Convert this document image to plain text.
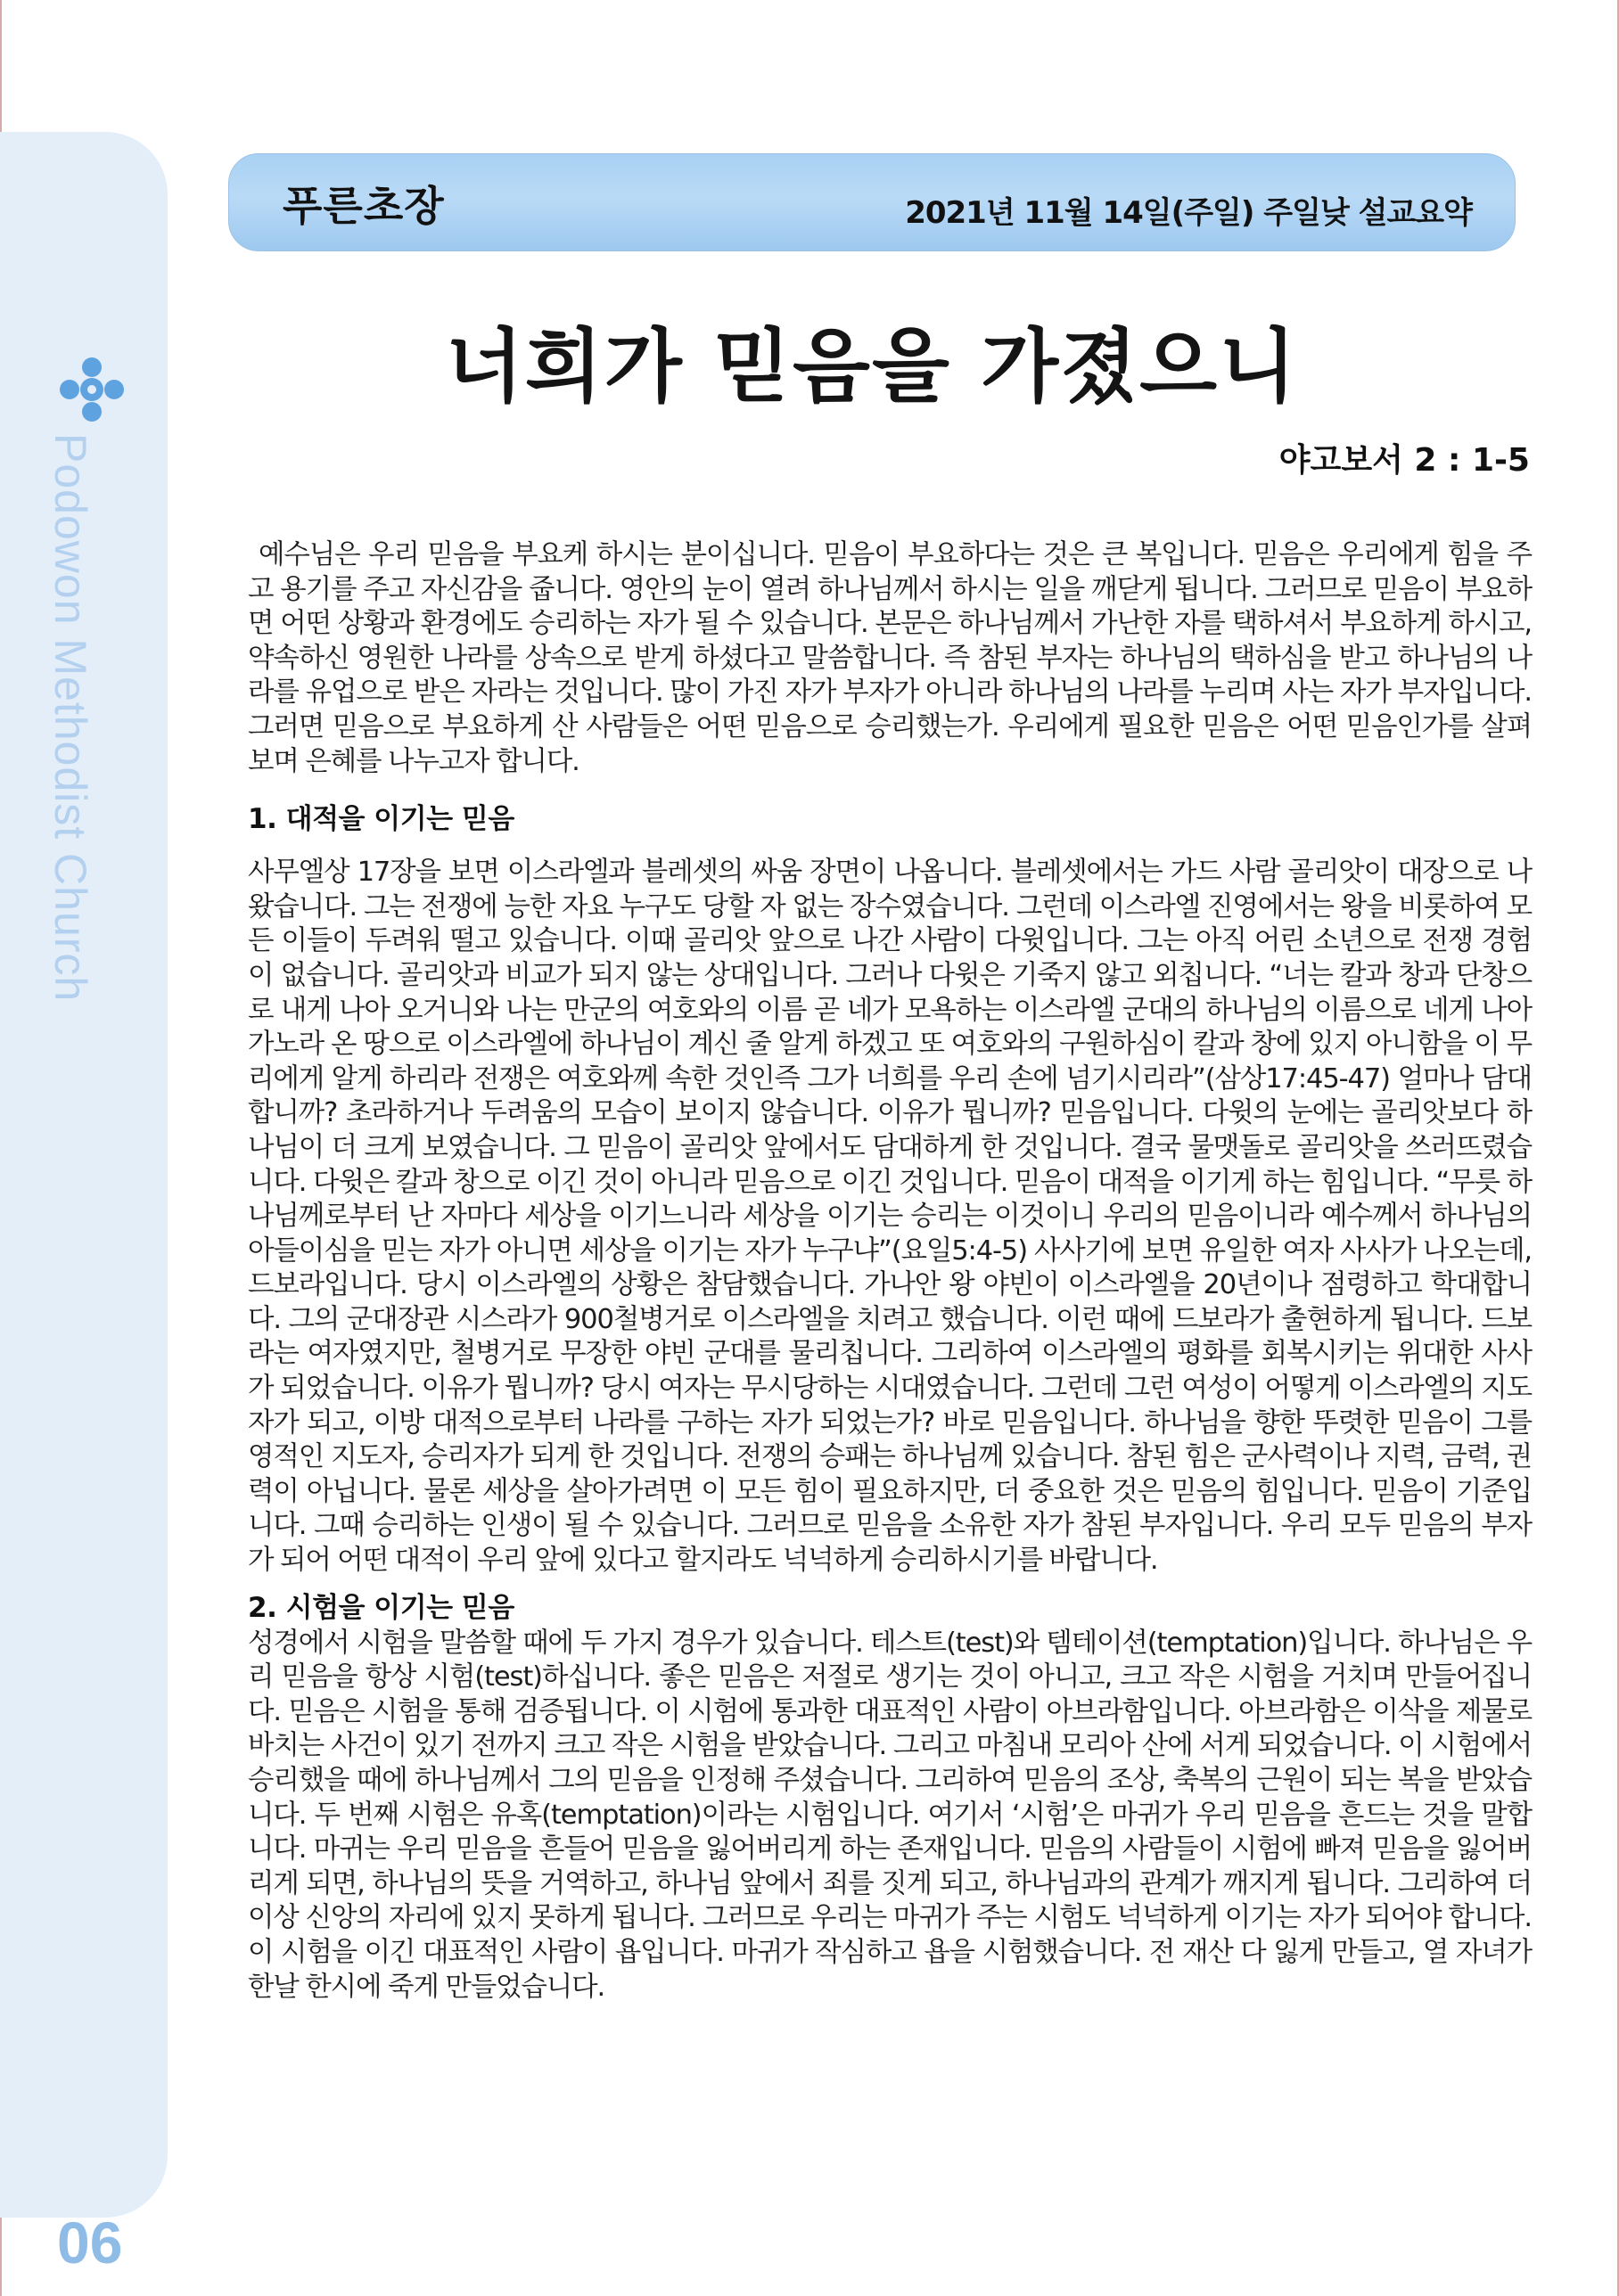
Podowon Methodist Church
06
푸른초장	2021년 11월 14일(주일) 주일낮 설교요약
너희가 믿음을 가졌으니
야고보서 2 : 1-5

예수님은 우리 믿음을 부요케 하시는 분이십니다. 믿음이 부요하다는 것은 큰 복입니다. 믿음은 우리에게 힘을 주고 용기를 주고 자신감을 줍니다. 영안의 눈이 열려 하나님께서 하시는 일을 깨닫게 됩니다. 그러므로 믿음이 부요하면 어떤 상황과 환경에도 승리하는 자가 될 수 있습니다. 본문은 하나님께서 가난한 자를 택하셔서 부요하게 하시고, 약속하신 영원한 나라를 상속으로 받게 하셨다고 말씀합니다. 즉 참된 부자는 하나님의 택하심을 받고 하나님의 나라를 유업으로 받은 자라는 것입니다. 많이 가진 자가 부자가 아니라 하나님의 나라를 누리며 사는 자가 부자입니다. 그러면 믿음으로 부요하게 산 사람들은 어떤 믿음으로 승리했는가. 우리에게 필요한 믿음은 어떤 믿음인가를 살펴보며 은혜를 나누고자 합니다.

1. 대적을 이기는 믿음

사무엘상 17장을 보면 이스라엘과 블레셋의 싸움 장면이 나옵니다. 블레셋에서는 가드 사람 골리앗이 대장으로 나왔습니다. 그는 전쟁에 능한 자요 누구도 당할 자 없는 장수였습니다. 그런데 이스라엘 진영에서는 왕을 비롯하여 모든 이들이 두려워 떨고 있습니다. 이때 골리앗 앞으로 나간 사람이 다윗입니다. 그는 아직 어린 소년으로 전쟁 경험이 없습니다. 골리앗과 비교가 되지 않는 상대입니다. 그러나 다윗은 기죽지 않고 외칩니다. “너는 칼과 창과 단창으로 내게 나아 오거니와 나는 만군의 여호와의 이름 곧 네가 모욕하는 이스라엘 군대의 하나님의 이름으로 네게 나아가노라 온 땅으로 이스라엘에 하나님이 계신 줄 알게 하겠고 또 여호와의 구원하심이 칼과 창에 있지 아니함을 이 무리에게 알게 하리라 전쟁은 여호와께 속한 것인즉 그가 너희를 우리 손에 넘기시리라”(삼상17:45-47) 얼마나 담대합니까? 초라하거나 두려움의 모습이 보이지 않습니다. 이유가 뭡니까? 믿음입니다. 다윗의 눈에는 골리앗보다 하나님이 더 크게 보였습니다. 그 믿음이 골리앗 앞에서도 담대하게 한 것입니다. 결국 물맷돌로 골리앗을 쓰러뜨렸습니다. 다윗은 칼과 창으로 이긴 것이 아니라 믿음으로 이긴 것입니다. 믿음이 대적을 이기게 하는 힘입니다. “무릇 하나님께로부터 난 자마다 세상을 이기느니라 세상을 이기는 승리는 이것이니 우리의 믿음이니라 예수께서 하나님의 아들이심을 믿는 자가 아니면 세상을 이기는 자가 누구냐”(요일5:4-5) 사사기에 보면 유일한 여자 사사가 나오는데, 드보라입니다. 당시 이스라엘의 상황은 참담했습니다. 가나안 왕 야빈이 이스라엘을 20년이나 점령하고 학대합니다. 그의 군대장관 시스라가 900철병거로 이스라엘을 치려고 했습니다. 이런 때에 드보라가 출현하게 됩니다. 드보라는 여자였지만, 철병거로 무장한 야빈 군대를 물리칩니다. 그리하여 이스라엘의 평화를 회복시키는 위대한 사사가 되었습니다. 이유가 뭡니까? 당시 여자는 무시당하는 시대였습니다. 그런데 그런 여성이 어떻게 이스라엘의 지도자가 되고, 이방 대적으로부터 나라를 구하는 자가 되었는가? 바로 믿음입니다. 하나님을 향한 뚜렷한 믿음이 그를 영적인 지도자, 승리자가 되게 한 것입니다. 전쟁의 승패는 하나님께 있습니다. 참된 힘은 군사력이나 지력, 금력, 권력이 아닙니다. 물론 세상을 살아가려면 이 모든 힘이 필요하지만, 더 중요한 것은 믿음의 힘입니다. 믿음이 기준입니다. 그때 승리하는 인생이 될 수 있습니다. 그러므로 믿음을 소유한 자가 참된 부자입니다. 우리 모두 믿음의 부자가 되어 어떤 대적이 우리 앞에 있다고 할지라도 넉넉하게 승리하시기를 바랍니다.

2. 시험을 이기는 믿음

성경에서 시험을 말씀할 때에 두 가지 경우가 있습니다. 테스트(test)와 템테이션(temptation)입니다. 하나님은 우리 믿음을 항상 시험(test)하십니다. 좋은 믿음은 저절로 생기는 것이 아니고, 크고 작은 시험을 거치며 만들어집니다. 믿음은 시험을 통해 검증됩니다. 이 시험에 통과한 대표적인 사람이 아브라함입니다. 아브라함은 이삭을 제물로 바치는 사건이 있기 전까지 크고 작은 시험을 받았습니다. 그리고 마침내 모리아 산에 서게 되었습니다. 이 시험에서 승리했을 때에 하나님께서 그의 믿음을 인정해 주셨습니다. 그리하여 믿음의 조상, 축복의 근원이 되는 복을 받았습니다. 두 번째 시험은 유혹(temptation)이라는 시험입니다. 여기서 ‘시험’은 마귀가 우리 믿음을 흔드는 것을 말합니다. 마귀는 우리 믿음을 흔들어 믿음을 잃어버리게 하는 존재입니다. 믿음의 사람들이 시험에 빠져 믿음을 잃어버리게 되면, 하나님의 뜻을 거역하고, 하나님 앞에서 죄를 짓게 되고, 하나님과의 관계가 깨지게 됩니다. 그리하여 더 이상 신앙의 자리에 있지 못하게 됩니다. 그러므로 우리는 마귀가 주는 시험도 넉넉하게 이기는 자가 되어야 합니다. 이 시험을 이긴 대표적인 사람이 욥입니다. 마귀가 작심하고 욥을 시험했습니다. 전 재산 다 잃게 만들고, 열 자녀가 한날 한시에 죽게 만들었습니다.
